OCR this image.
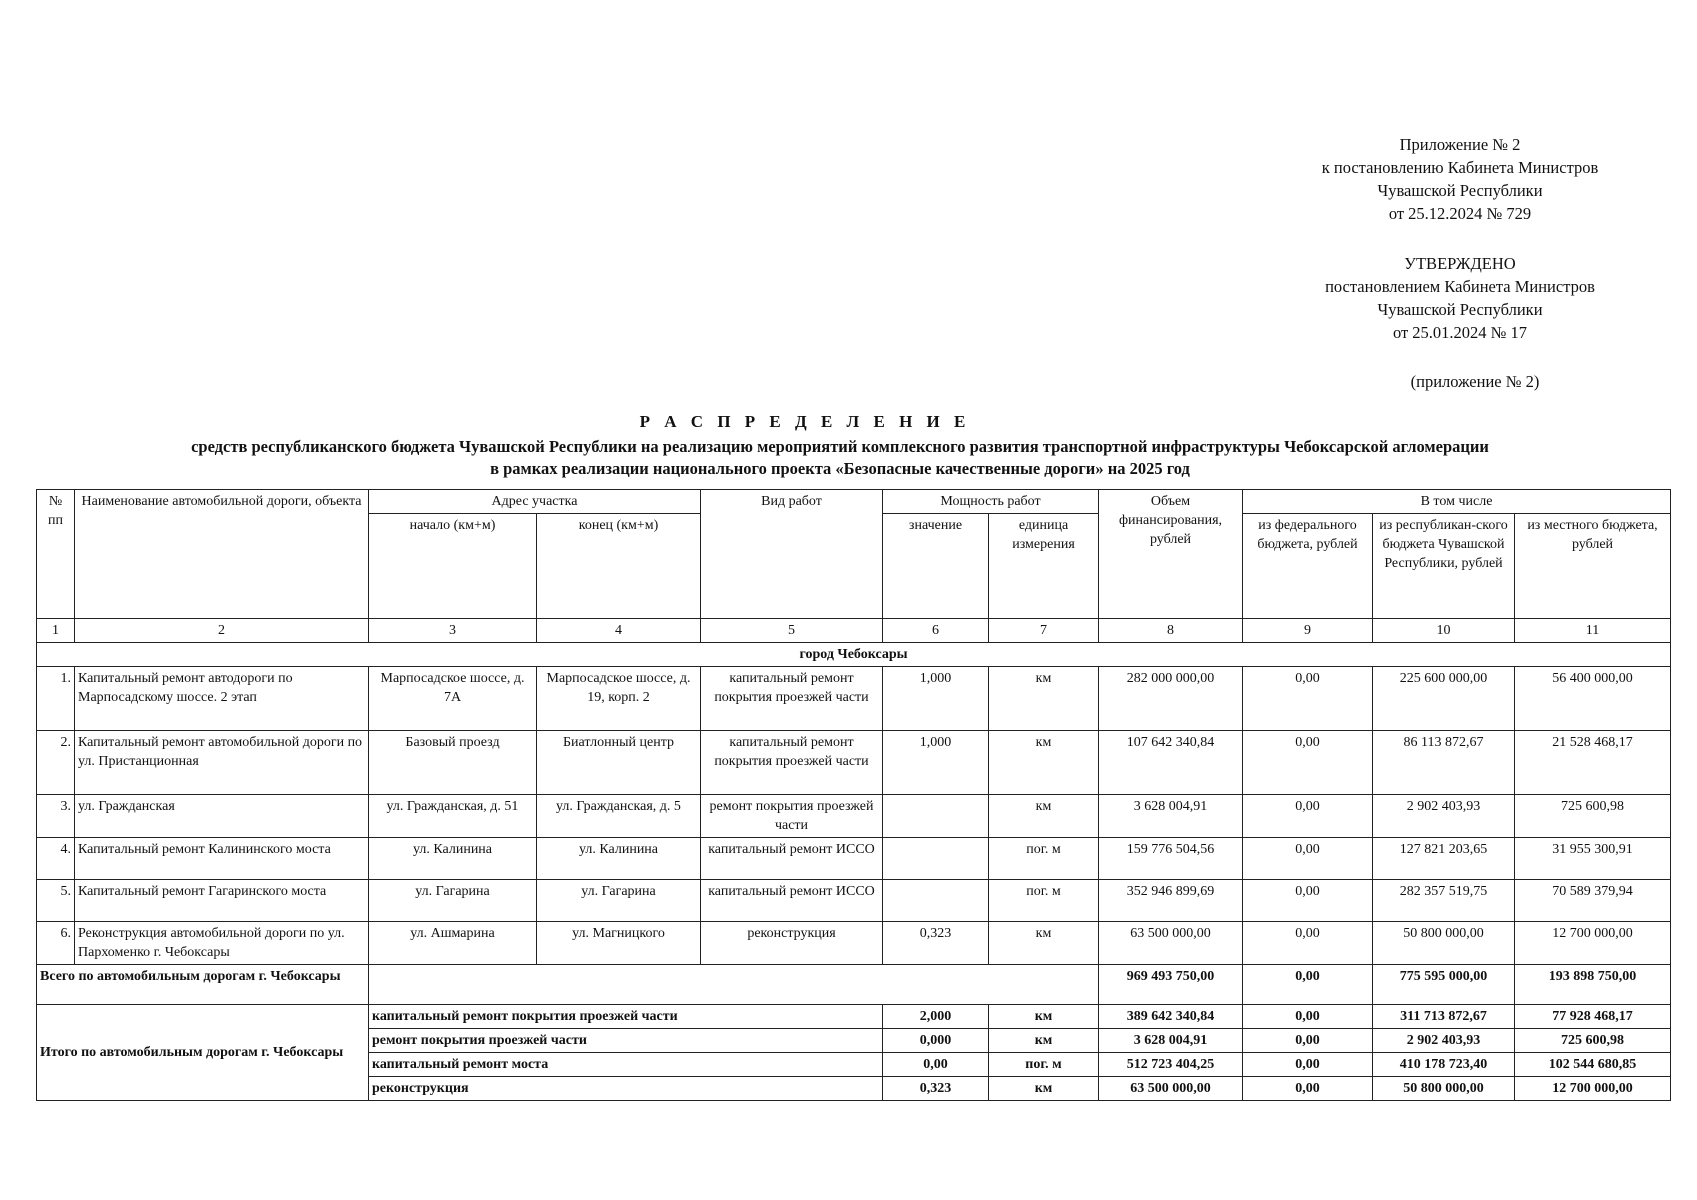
Приложение № 2
к постановлению Кабинета Министров
Чувашской Республики
от 25.12.2024 № 729
УТВЕРЖДЕНО
постановлением Кабинета Министров
Чувашской Республики
от 25.01.2024 № 17
(приложение № 2)
Р А С П Р Е Д Е Л Е Н И Е
средств республиканского бюджета Чувашской Республики на реализацию мероприятий комплексного развития транспортной инфраструктуры Чебоксарской агломерации
в рамках реализации национального проекта «Безопасные качественные дороги» на 2025 год
№ пп	Наименование автомобильной дороги, объекта	Адрес участка		Вид работ	Мощность работ		Объем финансирования, рублей	В том числе		
		начало (км+м)	конец (км+м)		значение	единица измерения		из федерального бюджета, рублей	из республикан-ского бюджета Чувашской Республики, рублей	из местного бюджета, рублей
1	2	3	4	5	6	7	8	9	10	11
город Чебоксары										
1.	Капитальный ремонт автодороги по Марпосадскому шоссе. 2 этап	Марпосадское шоссе, д. 7А	Марпосадское шоссе, д. 19, корп. 2	капитальный ремонт покрытия проезжей части	1,000	км	282 000 000,00	0,00	225 600 000,00	56 400 000,00
2.	Капитальный ремонт автомобильной дороги по ул. Пристанционная	Базовый проезд	Биатлонный центр	капитальный ремонт покрытия проезжей части	1,000	км	107 642 340,84	0,00	86 113 872,67	21 528 468,17
3.	ул. Гражданская	ул. Гражданская, д. 51	ул. Гражданская, д. 5	ремонт покрытия проезжей части		км	3 628 004,91	0,00	2 902 403,93	725 600,98
4.	Капитальный ремонт Калининского моста	ул. Калинина	ул. Калинина	капитальный ремонт ИССО		пог. м	159 776 504,56	0,00	127 821 203,65	31 955 300,91
5.	Капитальный ремонт Гагаринского моста	ул. Гагарина	ул. Гагарина	капитальный ремонт ИССО		пог. м	352 946 899,69	0,00	282 357 519,75	70 589 379,94
6.	Реконструкция автомобильной дороги по ул. Пархоменко г. Чебоксары	ул. Ашмарина	ул. Магницкого	реконструкция	0,323	км	63 500 000,00	0,00	50 800 000,00	12 700 000,00
Всего по автомобильным дорогам г. Чебоксары							969 493 750,00	0,00	775 595 000,00	193 898 750,00
Итого по автомобильным дорогам г. Чебоксары		капитальный ремонт покрытия проезжей части			2,000	км	389 642 340,84	0,00	311 713 872,67	77 928 468,17
		ремонт покрытия проезжей части			0,000	км	3 628 004,91	0,00	2 902 403,93	725 600,98
		капитальный ремонт моста			0,00	пог. м	512 723 404,25	0,00	410 178 723,40	102 544 680,85
		реконструкция			0,323	км	63 500 000,00	0,00	50 800 000,00	12 700 000,00
